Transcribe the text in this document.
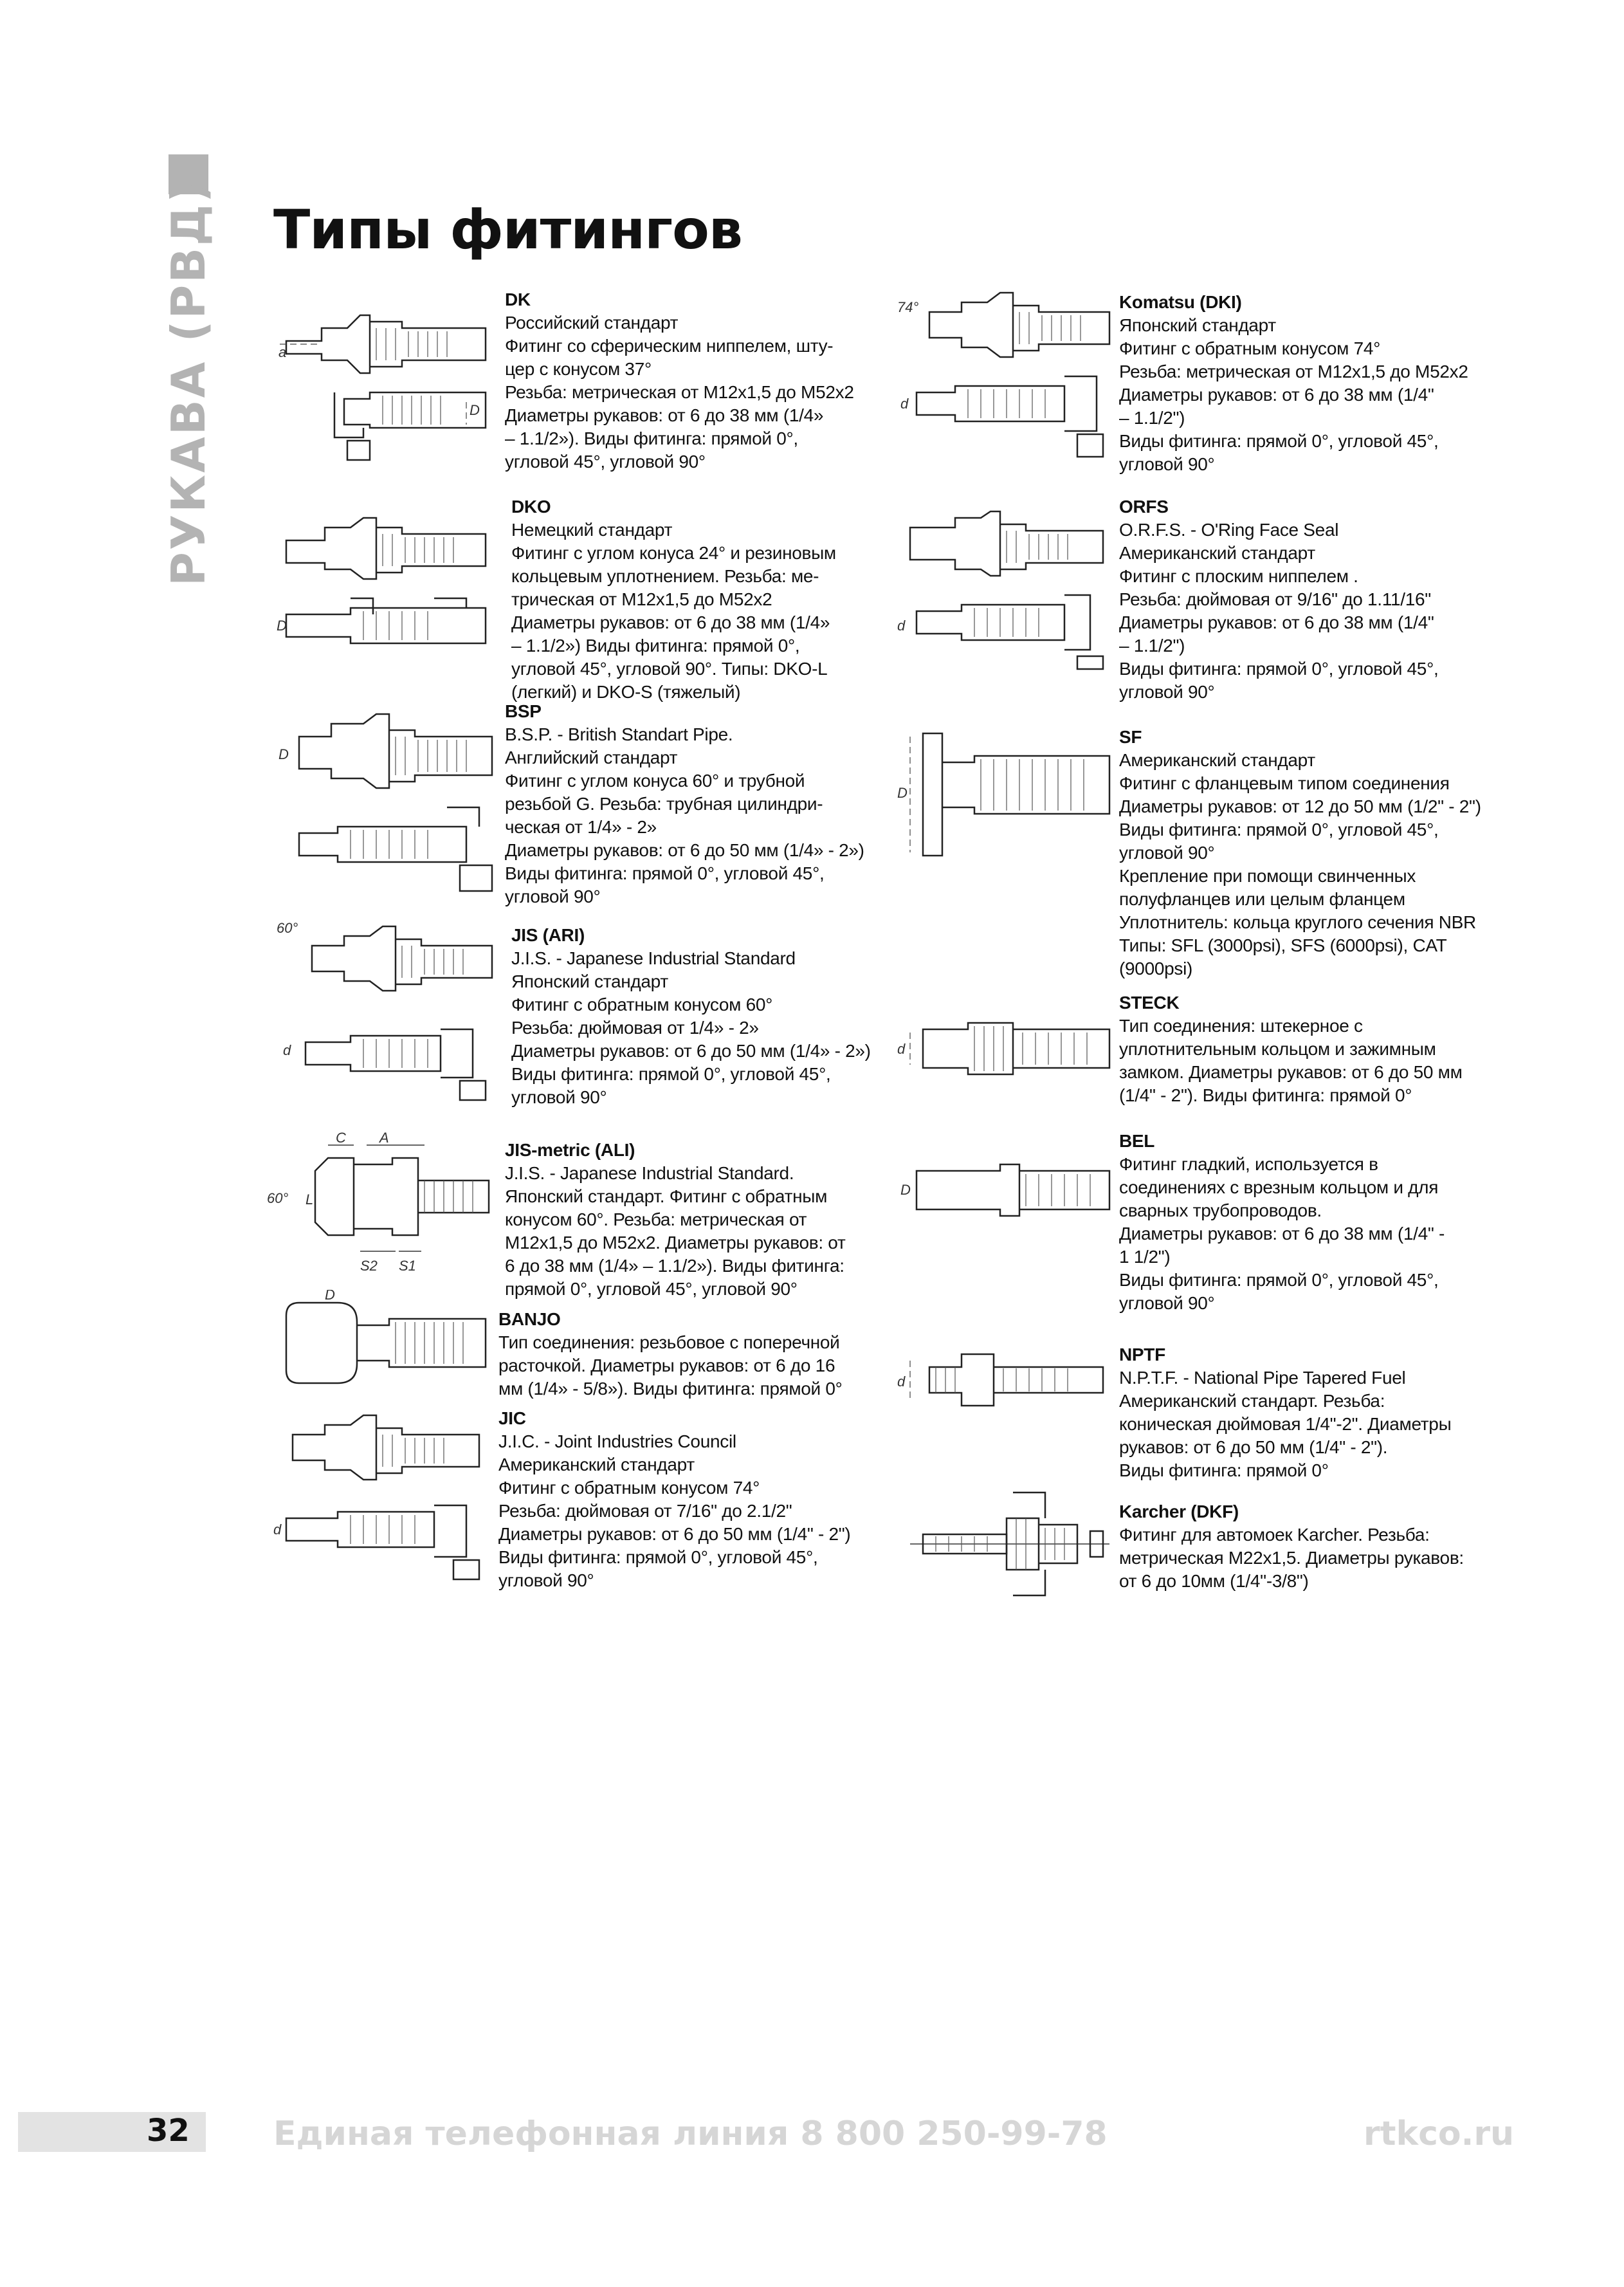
РУКАВА (РВД) Типы фитингов
a
D
DK
Российский стандарт
Фитинг со сферическим ниппелем, шту-
цер с конусом 37°
Резьба: метрическая от М12х1,5 до М52х2
Диаметры рукавов: от 6 до 38 мм (1/4»
– 1.1/2»). Виды фитинга: прямой 0°,
угловой 45°, угловой 90°
D
DKO
Немецкий стандарт
Фитинг с углом конуса 24° и резиновым
кольцевым уплотнением. Резьба: ме-
трическая от М12х1,5 до М52х2
Диаметры рукавов: от 6 до 38 мм (1/4»
– 1.1/2») Виды фитинга: прямой 0°,
угловой 45°, угловой 90°. Типы: DKO-L
(легкий) и DKO-S (тяжелый)
D
BSP
B.S.P. - British Standart Pipe.
Английский стандарт
Фитинг с углом конуса 60° и трубной
резьбой G. Резьба: трубная цилиндри-
ческая от 1/4» - 2»
Диаметры рукавов: от 6 до 50 мм (1/4» - 2»)
Виды фитинга: прямой 0°, угловой 45°,
угловой 90°
60°
d
JIS (ARI)
J.I.S. - Japanese Industrial Standard
Японский стандарт
Фитинг с обратным конусом 60°
Резьба: дюймовая от 1/4» - 2»
Диаметры рукавов: от 6 до 50 мм (1/4» - 2»)
Виды фитинга: прямой 0°, угловой 45°,
угловой 90°
C A
60° L
S2 S1
JIS-metric (ALI)
J.I.S. - Japanese Industrial Standard.
Японский стандарт. Фитинг с обратным
конусом 60°. Резьба: метрическая от
М12х1,5 до М52х2. Диаметры рукавов: от
6 до 38 мм (1/4» – 1.1/2»). Виды фитинга:
прямой 0°, угловой 45°, угловой 90°
D
BANJO
Тип соединения: резьбовое с поперечной
расточкой. Диаметры рукавов: от 6 до 16
мм (1/4» - 5/8»). Виды фитинга: прямой 0°
d
JIC
J.I.C. - Joint Industries Council
Американский стандарт
Фитинг с обратным конусом 74°
Резьба: дюймовая от 7/16" до 2.1/2"
Диаметры рукавов: от 6 до 50 мм (1/4" - 2")
Виды фитинга: прямой 0°, угловой 45°,
угловой 90°
74°
d
Komatsu (DKI)
Японский стандарт
Фитинг с обратным конусом 74°
Резьба: метрическая от М12х1,5 до М52х2
Диаметры рукавов: от 6 до 38 мм (1/4"
– 1.1/2")
Виды фитинга: прямой 0°, угловой 45°,
угловой 90°
d
ORFS
O.R.F.S. - O'Ring Face Seal
Американский стандарт
Фитинг с плоским ниппелем .
Резьба: дюймовая от 9/16" до 1.11/16"
Диаметры рукавов: от 6 до 38 мм (1/4"
– 1.1/2")
Виды фитинга: прямой 0°, угловой 45°,
угловой 90°
D
SF
Американский стандарт
Фитинг с фланцевым типом соединения
Диаметры рукавов: от 12 до 50 мм (1/2" - 2")
Виды фитинга: прямой 0°, угловой 45°,
угловой 90°
Крепление при помощи свинченных
полуфланцев или целым фланцем
Уплотнитель: кольца круглого сечения NBR
Типы: SFL (3000psi), SFS (6000psi), CAT
(9000psi)
d
STECK
Тип соединения: штекерное с
уплотнительным кольцом и зажимным
замком. Диаметры рукавов: от 6 до 50 мм
(1/4" - 2"). Виды фитинга: прямой 0°
D
BEL
Фитинг гладкий, используется в
соединениях с врезным кольцом и для
сварных трубопроводов.
Диаметры рукавов: от 6 до 38 мм (1/4" -
1 1/2")
Виды фитинга: прямой 0°, угловой 45°,
угловой 90°
d
NPTF
N.P.T.F. - National Pipe Tapered Fuel
Американский стандарт. Резьба:
коническая дюймовая 1/4"-2". Диаметры
рукавов: от 6 до 50 мм (1/4" - 2").
Виды фитинга: прямой 0°
Karcher (DKF)
Фитинг для автомоек Karcher. Резьба:
метрическая М22х1,5. Диаметры рукавов:
от 6 до 10мм (1/4"-3/8")

32	Единая телефонная линия 8 800 250-99-78	rtkco.ru
